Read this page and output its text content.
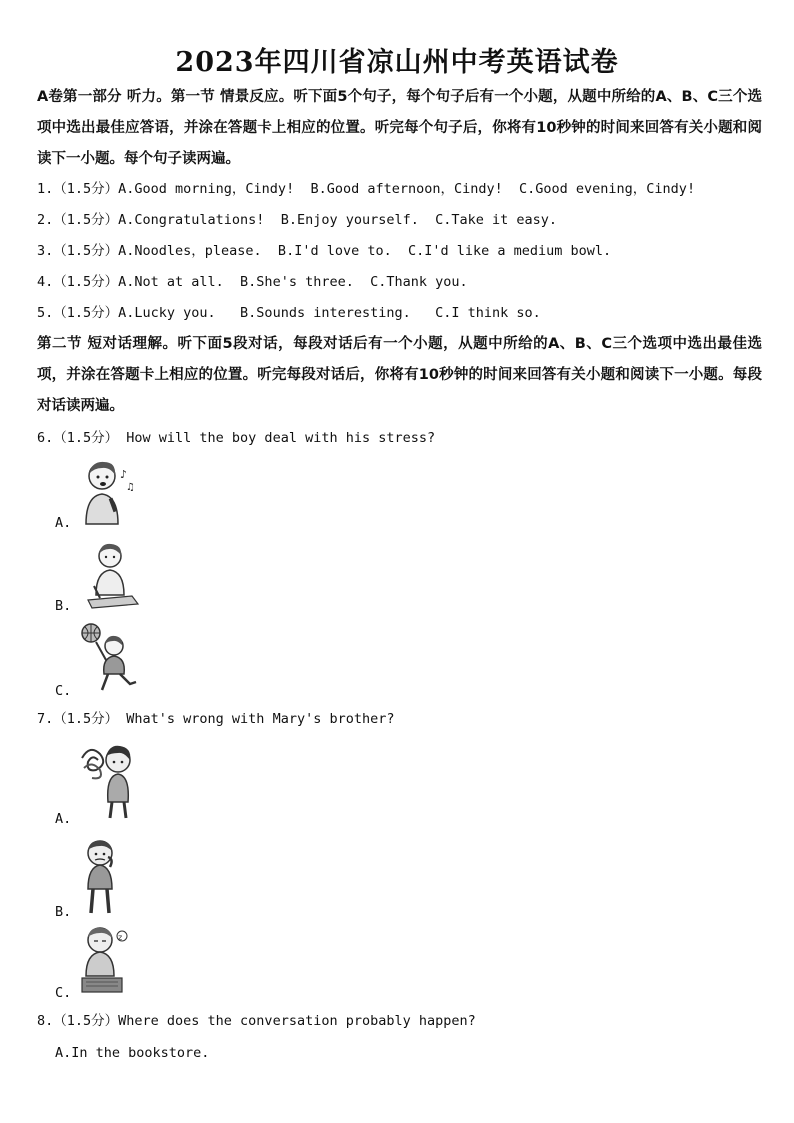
2023年四川省凉山州中考英语试卷
A卷第一部分 听力。第一节 情景反应。听下面5个句子，每个句子后有一个小题，从题中所给的A、B、C三个选项中选出最佳应答语，并涂在答题卡上相应的位置。听完每个句子后，你将有10秒钟的时间来回答有关小题和阅读下一小题。每个句子读两遍。
1.（1.5分）A.Good morning，Cindy!  B.Good afternoon，Cindy!  C.Good evening，Cindy!
2.（1.5分）A.Congratulations!  B.Enjoy yourself.  C.Take it easy.
3.（1.5分）A.Noodles，please.  B.I'd love to.  C.I'd like a medium bowl.
4.（1.5分）A.Not at all.  B.She's three.  C.Thank you.
5.（1.5分）A.Lucky you.   B.Sounds interesting.   C.I think so.
第二节 短对话理解。听下面5段对话，每段对话后有一个小题，从题中所给的A、B、C三个选项中选出最佳选项，并涂在答题卡上相应的位置。听完每段对话后，你将有10秒钟的时间来回答有关小题和阅读下一小题。每段对话读两遍。
6.（1.5分） How will the boy deal with his stress?
♪
♫
A.
B.
C.
7.（1.5分） What's wrong with Mary's brother?
A.
B.
z
C.
8.（1.5分）Where does the conversation probably happen?
A.In the bookstore.
